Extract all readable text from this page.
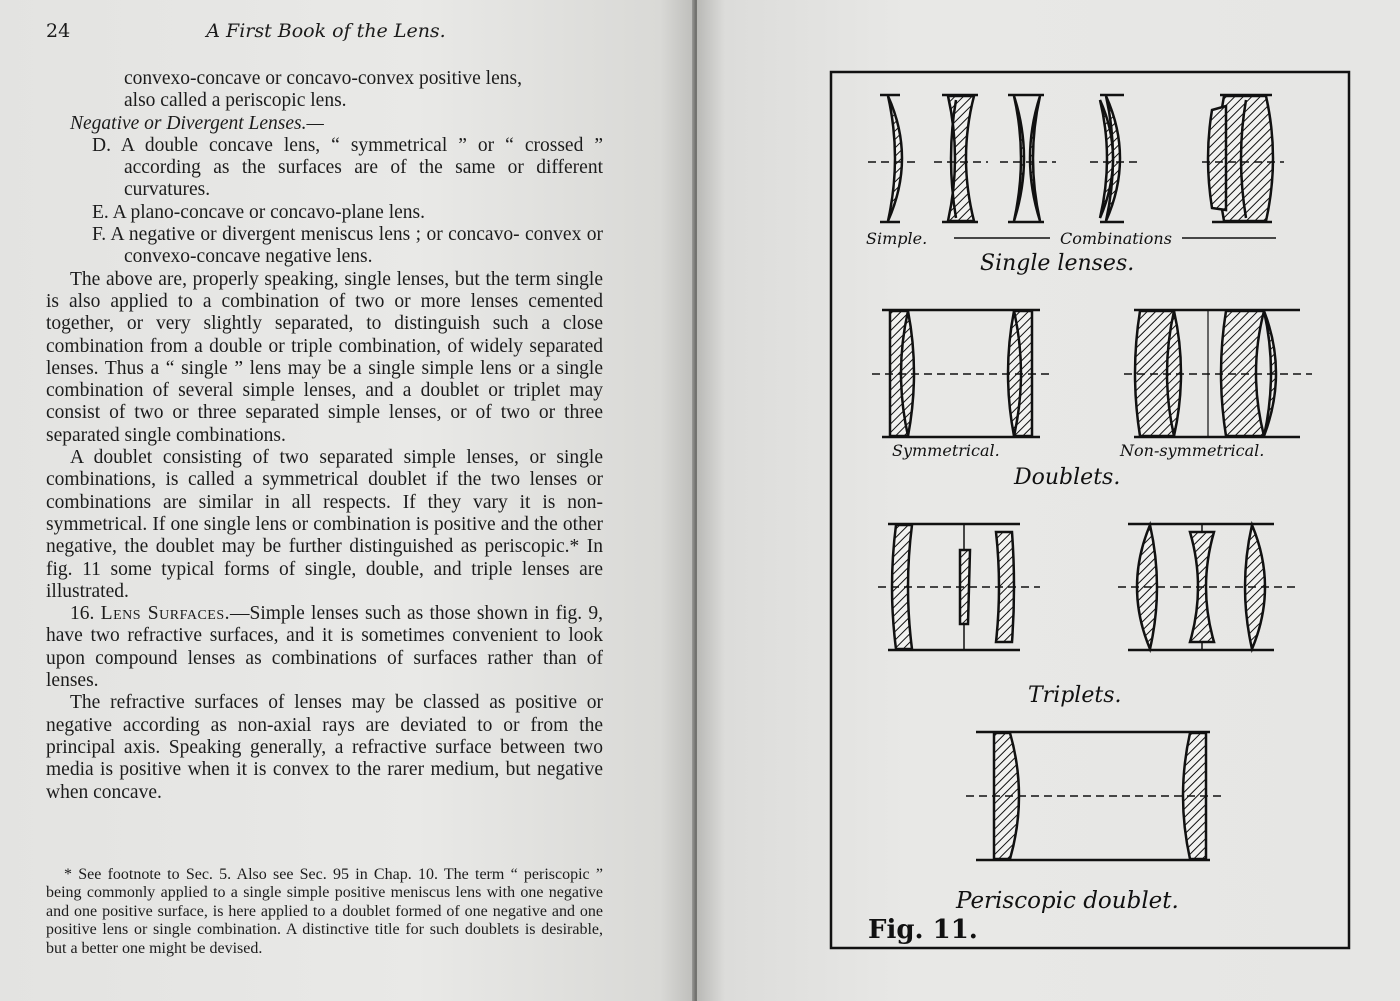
24	A First Book of the Lens.

convexo-concave or concavo-convex positive lens,

also called a periscopic lens.

Negative or Divergent Lenses.—

D. A double concave lens, “ symmetrical ” or “ crossed ” according as the surfaces are of the same or different curvatures.

E. A plano-concave or concavo-plane lens.

F. A negative or divergent meniscus lens ; or concavo- convex or convexo-concave negative lens.

The above are, properly speaking, single lenses, but the term single is also applied to a combination of two or more lenses cemented together, or very slightly separated, to distinguish such a close combination from a double or triple combination, of widely separated lenses. Thus a “ single ” lens may be a single simple lens or a single combination of several simple lenses, and a doublet or triplet may consist of two or three separated simple lenses, or of two or three separated single combinations.

A doublet consisting of two separated simple lenses, or single combinations, is called a symmetrical doublet if the two lenses or combinations are similar in all respects. If they vary it is non-symmetrical. If one single lens or combination is positive and the other negative, the doublet may be further distinguished as periscopic.* In fig. 11 some typical forms of single, double, and triple lenses are illustrated.

16. Lens Surfaces.—Simple lenses such as those shown in fig. 9, have two refractive surfaces, and it is sometimes convenient to look upon compound lenses as combinations of surfaces rather than of lenses.

The refractive surfaces of lenses may be classed as positive or negative according as non-axial rays are deviated to or from the principal axis. Speaking generally, a refractive surface between two media is positive when it is convex to the rarer medium, but negative when concave.

* See footnote to Sec. 5. Also see Sec. 95 in Chap. 10. The term “ periscopic ” being commonly applied to a single simple positive meniscus lens with one negative and one positive surface, is here applied to a doublet formed of one negative and one positive lens or single combination. A distinctive title for such doublets is desirable, but a better one might be devised.

Simple.	Combinations
Single lenses.
Symmetrical.	Non-symmetrical.
Doublets.
Triplets.
Periscopic doublet.
Fig. 11.
